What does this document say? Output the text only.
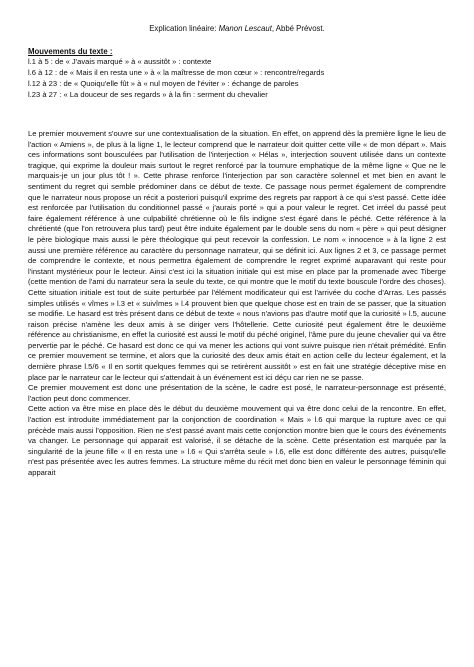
Explication linéaire: Manon Lescaut, Abbé Prévost.
Mouvements du texte :
l.1 à 5 : de « J'avais marqué » à « aussitôt » : contexte
l.6 à 12 : de « Mais il en resta une » à « la maîtresse de mon cœur » : rencontre/regards
l.12 à 23 : de « Quoiqu'elle fût » à « nul moyen de l'éviter » : échange de paroles
l.23 à 27 : « La douceur de ses regards » à la fin : serment du chevalier

Le premier mouvement s'ouvre sur une contextualisation de la situation. En effet, on apprend dès la première ligne le lieu de l'action « Amiens », de plus à la ligne 1, le lecteur comprend que le narrateur doit quitter cette ville « de mon départ ». Mais ces informations sont bousculées par l'utilisation de l'interjection « Hélas », interjection souvent utilisée dans un contexte tragique, qui exprime la douleur mais surtout le regret renforcé par la tournure emphatique de la même ligne « Que ne le marquais-je un jour plus tôt ! ». Cette phrase renforce l'interjection par son caractère solennel et met bien en avant le sentiment du regret qui semble prédominer dans ce début de texte. Ce passage nous permet également de comprendre que le narrateur nous propose un récit a posteriori puisqu'il exprime des regrets par rapport à ce qui s'est passé. Cette idée est renforcée par l'utilisation du conditionnel passé « j'aurais porté » qui a pour valeur le regret. Cet irréel du passé peut faire également référence à une culpabilité chrétienne où le fils indigne s'est égaré dans le péché. Cette référence à la chrétienté (que l'on retrouvera plus tard) peut être induite également par le double sens du nom « père » qui peut désigner le père biologique mais aussi le père théologique qui peut recevoir la confession. Le nom « innocence » à la ligne 2 est aussi une première référence au caractère du personnage narrateur, qui se définit ici. Aux lignes 2 et 3, ce passage permet de comprendre le contexte, et nous permettra également de comprendre le regret exprimé auparavant qui reste pour l'instant mystérieux pour le lecteur. Ainsi c'est ici la situation initiale qui est mise en place par la promenade avec Tiberge (cette mention de l'ami du narrateur sera la seule du texte, ce qui montre que le motif du texte bouscule l'ordre des choses). Cette situation initiale est tout de suite perturbée par l'élément modificateur qui est l'arrivée du coche d'Arras. Les passés simples utilisés « vîmes » l.3 et « suivîmes » l.4 prouvent bien que quelque chose est en train de se passer, que la situation se modifie. Le hasard est très présent dans ce début de texte « nous n'avions pas d'autre motif que la curiosité » l.5, aucune raison précise n'amène les deux amis à se diriger vers l'hôtellerie. Cette curiosité peut également être le deuxième référence au christianisme, en effet la curiosité est aussi le motif du péché originel, l'âme pure du jeune chevalier qui va être pervertie par le péché. Ce hasard est donc ce qui va mener les actions qui vont suivre puisque rien n'était prémédité. Enfin ce premier mouvement se termine, et alors que la curiosité des deux amis était en action celle du lecteur également, et la dernière phrase l.5/6 « Il en sortit quelques femmes qui se retirèrent aussitôt » est en fait une stratégie déceptive mise en place par le narrateur car le lecteur qui s'attendait à un événement est ici déçu car rien ne se passe.

Ce premier mouvement est donc une présentation de la scène, le cadre est posé, le narrateur-personnage est présenté, l'action peut donc commencer.

Cette action va être mise en place dès le début du deuxième mouvement qui va être donc celui de la rencontre. En effet, l'action est introduite immédiatement par la conjonction de coordination « Mais » l.6 qui marque la rupture avec ce qui précède mais aussi l'opposition. Rien ne s'est passé avant mais cette conjonction montre bien que le cours des événements va changer. Le personnage qui apparait est valorisé, il se détache de la scène. Cette présentation est marquée par la singularité de la jeune fille « Il en resta une » l.6 « Qui s'arrêta seule » l.6, elle est donc différente des autres, puisqu'elle n'est pas présentée avec les autres femmes. La structure même du récit met donc bien en valeur le personnage féminin qui apparait
